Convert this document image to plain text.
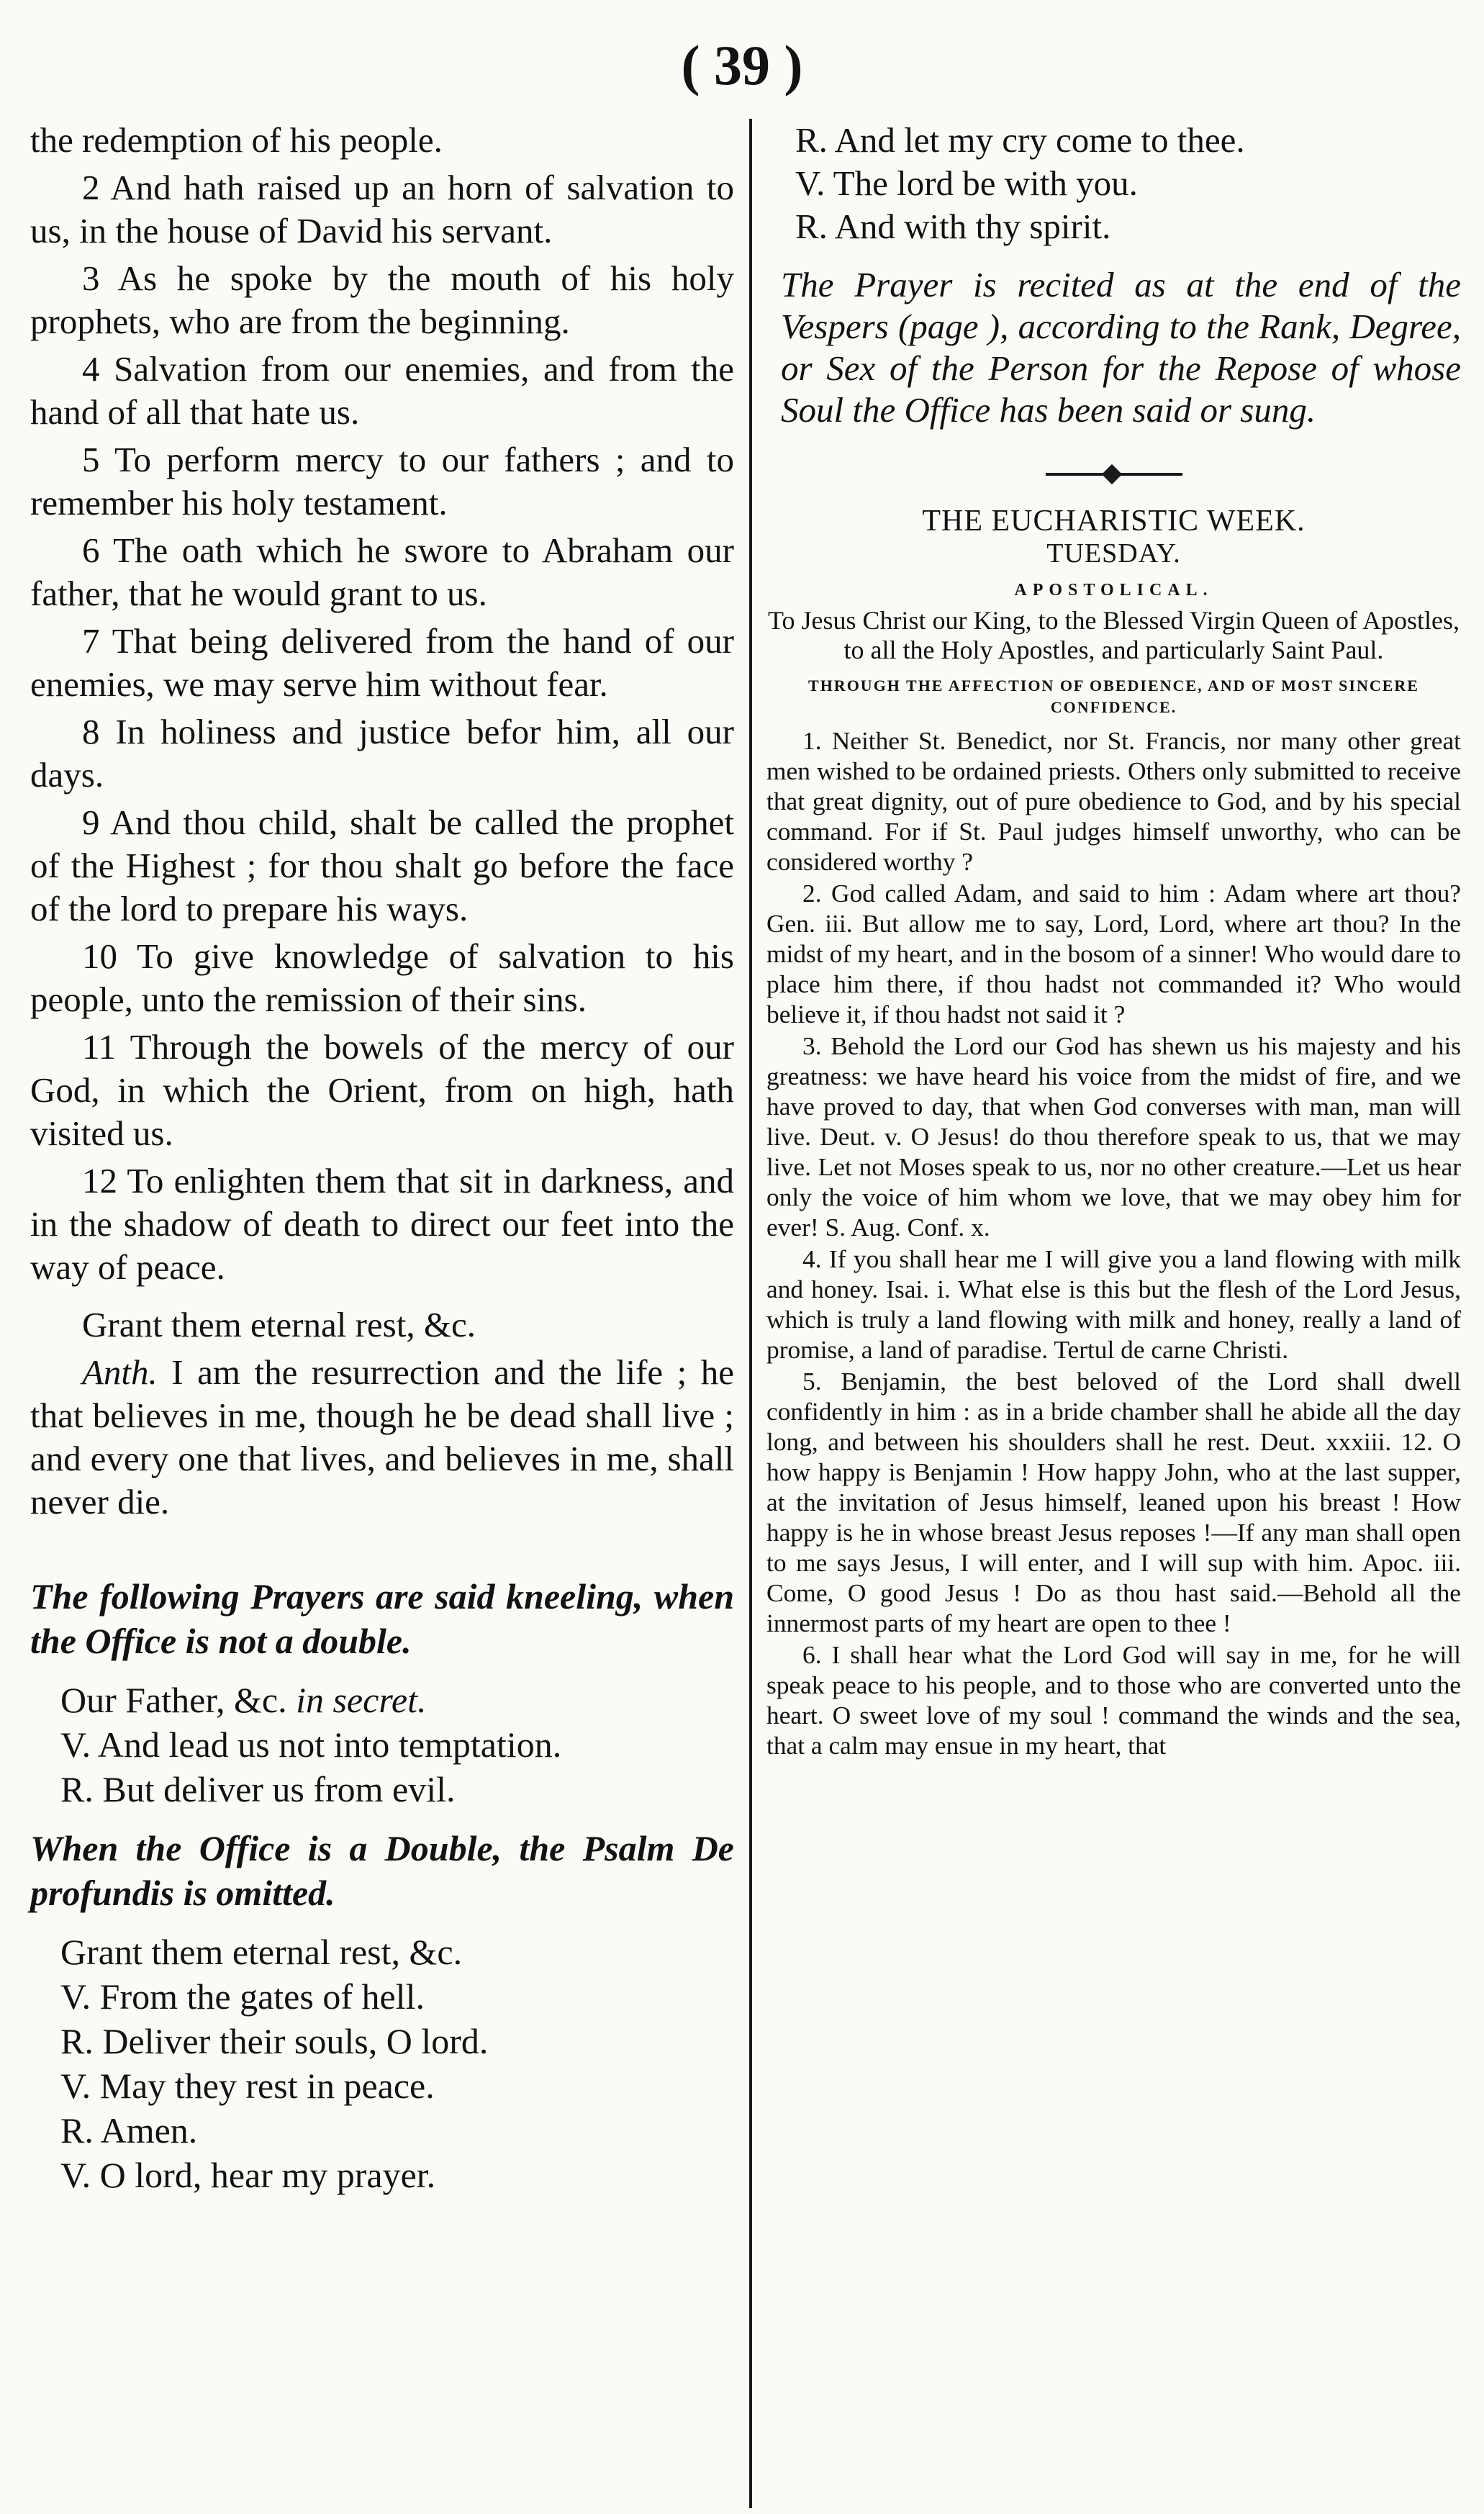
( 39 )

the redemption of his people.

2 And hath raised up an horn of salvation to us, in the house of David his servant.

3 As he spoke by the mouth of his holy prophets, who are from the beginning.

4 Salvation from our enemies, and from the hand of all that hate us.

5 To perform mercy to our fathers ; and to remember his holy testament.

6 The oath which he swore to Abraham our father, that he would grant to us.

7 That being delivered from the hand of our enemies, we may serve him without fear.

8 In holiness and justice befor him, all our days.

9 And thou child, shalt be called the prophet of the Highest ; for thou shalt go before the face of the lord to prepare his ways.

10 To give knowledge of salvation to his people, unto the remission of their sins.

11 Through the bowels of the mercy of our God, in which the Orient, from on high, hath visited us.

12 To enlighten them that sit in darkness, and in the shadow of death to direct our feet into the way of peace.

Grant them eternal rest, &c.

Anth. I am the resurrection and the life ; he that believes in me, though he be dead shall live ; and every one that lives, and believes in me, shall never die.

The following Prayers are said kneeling, when the Office is not a double.

Our Father, &c. in secret.

V. And lead us not into temptation.

R. But deliver us from evil.

When the Office is a Double, the Psalm De profundis is omitted.

Grant them eternal rest, &c.

V. From the gates of hell.

R. Deliver their souls, O lord.

V. May they rest in peace.

R. Amen.

V. O lord, hear my prayer.

R. And let my cry come to thee.

V. The lord be with you.

R. And with thy spirit.

The Prayer is recited as at the end of the Vespers (page ), according to the Rank, Degree, or Sex of the Person for the Repose of whose Soul the Office has been said or sung.

THE EUCHARISTIC WEEK.

TUESDAY.

APOSTOLICAL.

To Jesus Christ our King, to the Blessed Virgin Queen of Apostles, to all the Holy Apostles, and particularly Saint Paul.

THROUGH THE AFFECTION OF OBEDIENCE, AND OF MOST SINCERE CONFIDENCE.

1. Neither St. Benedict, nor St. Francis, nor many other great men wished to be ordained priests. Others only submitted to receive that great dignity, out of pure obedience to God, and by his special command. For if St. Paul judges himself unworthy, who can be considered worthy ?

2. God called Adam, and said to him : Adam where art thou? Gen. iii. But allow me to say, Lord, Lord, where art thou? In the midst of my heart, and in the bosom of a sinner! Who would dare to place him there, if thou hadst not commanded it? Who would believe it, if thou hadst not said it ?

3. Behold the Lord our God has shewn us his majesty and his greatness: we have heard his voice from the midst of fire, and we have proved to day, that when God converses with man, man will live. Deut. v. O Jesus! do thou therefore speak to us, that we may live. Let not Moses speak to us, nor no other creature.—Let us hear only the voice of him whom we love, that we may obey him for ever! S. Aug. Conf. x.

4. If you shall hear me I will give you a land flowing with milk and honey. Isai. i. What else is this but the flesh of the Lord Jesus, which is truly a land flowing with milk and honey, really a land of promise, a land of paradise. Tertul de carne Christi.

5. Benjamin, the best beloved of the Lord shall dwell confidently in him : as in a bride chamber shall he abide all the day long, and between his shoulders shall he rest. Deut. xxxiii. 12. O how happy is Benjamin ! How happy John, who at the last supper, at the invitation of Jesus himself, leaned upon his breast ! How happy is he in whose breast Jesus reposes !—If any man shall open to me says Jesus, I will enter, and I will sup with him. Apoc. iii. Come, O good Jesus ! Do as thou hast said.—Behold all the innermost parts of my heart are open to thee !

6. I shall hear what the Lord God will say in me, for he will speak peace to his people, and to those who are converted unto the heart. O sweet love of my soul ! command the winds and the sea, that a calm may ensue in my heart, that
